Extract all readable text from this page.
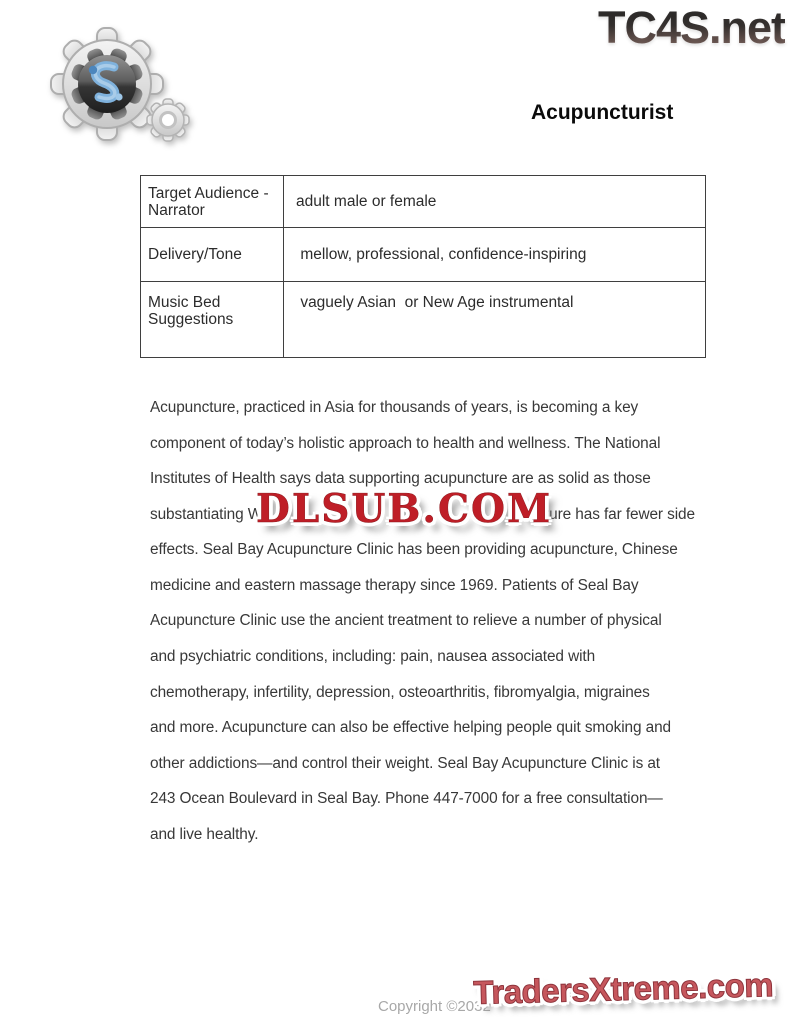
TC4S.net
Acupuncturist
Target Audience -Narrator	adult male or female
Delivery/Tone	mellow, professional, confidence-inspiring
Music Bed Suggestions	vaguely Asian  or New Age instrumental
Acupuncture, practiced in Asia for thousands of years, is becoming a key
component of today’s holistic approach to health and wellness. The National
Institutes of Health says data supporting acupuncture are as solid as those
substantiating W	ture has far fewer side
effects. Seal Bay Acupuncture Clinic has been providing acupuncture, Chinese
medicine and eastern massage therapy since 1969. Patients of Seal Bay
Acupuncture Clinic use the ancient treatment to relieve a number of physical
and psychiatric conditions, including: pain, nausea associated with
chemotherapy, infertility, depression, osteoarthritis, fibromyalgia, migraines
and more. Acupuncture can also be effective helping people quit smoking and
other addictions—and control their weight. Seal Bay Acupuncture Clinic is at
243 Ocean Boulevard in Seal Bay. Phone 447-7000 for a free consultation—
and live healthy.
DLSUB.COM
Copyright ©2032
TradersXtreme.com
